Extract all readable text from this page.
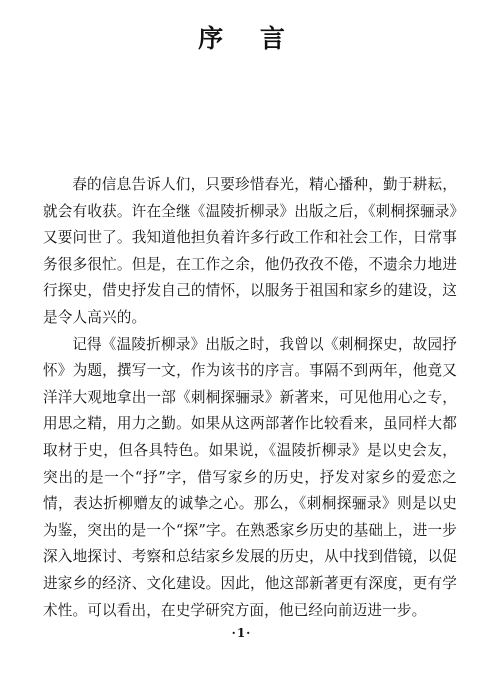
序 言

春的信息告诉人们，只要珍惜春光，精心播种，勤于耕耘，就会有收获。许在全继《温陵折柳录》出版之后，《刺桐探骊录》又要问世了。我知道他担负着许多行政工作和社会工作，日常事务很多很忙。但是，在工作之余，他仍孜孜不倦，不遗余力地进行探史，借史抒发自己的情怀，以服务于祖国和家乡的建设，这是令人高兴的。

记得《温陵折柳录》出版之时，我曾以《刺桐探史，故园抒怀》为题，撰写一文，作为该书的序言。事隔不到两年，他竟又洋洋大观地拿出一部《刺桐探骊录》新著来，可见他用心之专，用思之精，用力之勤。如果从这两部著作比较看来，虽同样大都取材于史，但各具特色。如果说，《温陵折柳录》是以史会友，突出的是一个“抒”字，借写家乡的历史，抒发对家乡的爱恋之情，表达折柳赠友的诚挚之心。那么，《刺桐探骊录》则是以史为鉴，突出的是一个“探”字。在熟悉家乡历史的基础上，进一步深入地探讨、考察和总结家乡发展的历史，从中找到借镜，以促进家乡的经济、文化建设。因此，他这部新著更有深度，更有学术性。可以看出，在史学研究方面，他已经向前迈进一步。

·1·
